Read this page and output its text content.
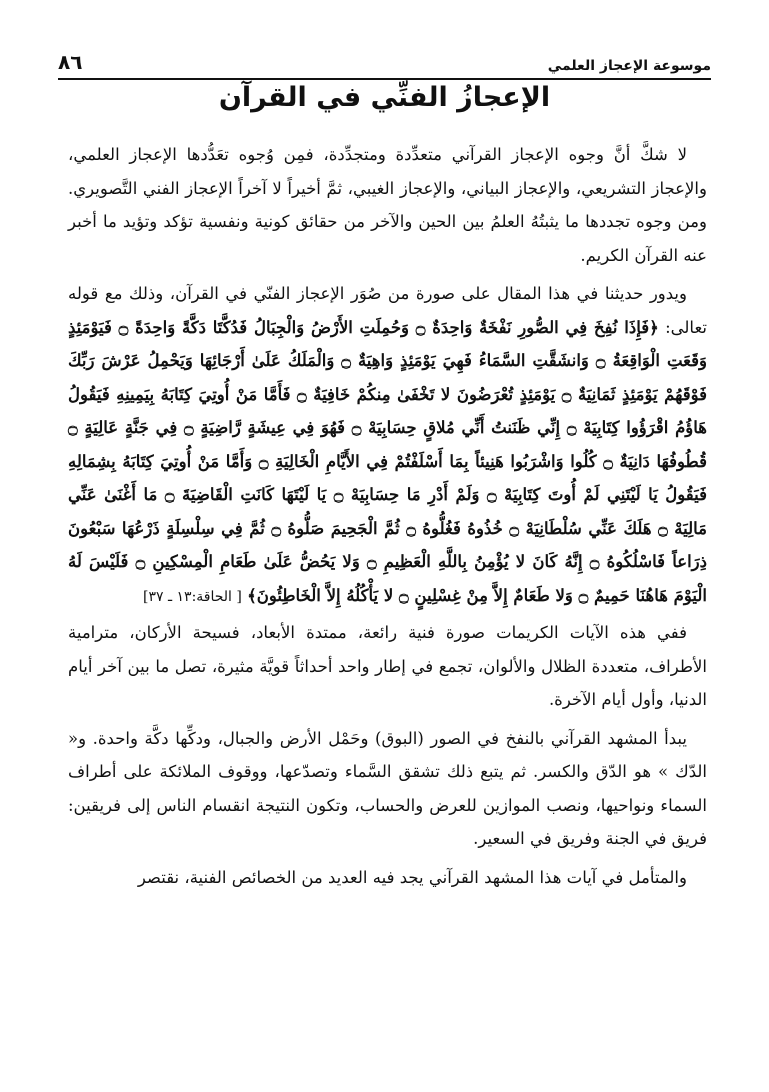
٨٦	موسوعة الإعجاز العلمي
الإعجازُ الفنِّي في القرآن

لا شكَّ أنَّ وجوه الإعجاز القرآني متعدِّدة ومتجدِّدة، فمِن وُجوه تعَدُّدها الإعجاز العلمي، والإعجاز التشريعي، والإعجاز البياني، والإعجاز الغيبي، ثمَّ أخيراً لا آخراً الإعجاز الفني التَّصويري. ومن وجوه تجددها ما يثبتُهُ العلمُ بين الحين والآخر من حقائق كونية ونفسية تؤكد وتؤيد ما أخبر عنه القرآن الكريم.

ويدور حديثنا في هذا المقال على صورة من صُوَر الإعجاز الفنّي في القرآن، وذلك مع قوله تعالى: ﴿فَإِذَا نُفِخَ فِي الصُّورِ نَفْخَةٌ وَاحِدَةٌ ۝ وَحُمِلَتِ الأَرْضُ وَالْجِبَالُ فَدُكَّتَا دَكَّةً وَاحِدَةً ۝ فَيَوْمَئِذٍ وَقَعَتِ الْوَاقِعَةُ ۝ وَانشَقَّتِ السَّمَاءُ فَهِيَ يَوْمَئِذٍ وَاهِيَةٌ ۝ وَالْمَلَكُ عَلَىٰ أَرْجَائِهَا وَيَحْمِلُ عَرْشَ رَبِّكَ فَوْقَهُمْ يَوْمَئِذٍ ثَمَانِيَةٌ ۝ يَوْمَئِذٍ تُعْرَضُونَ لا تَخْفَىٰ مِنكُمْ خَافِيَةٌ ۝ فَأَمَّا مَنْ أُوتِيَ كِتَابَهُ بِيَمِينِهِ فَيَقُولُ هَاؤُمُ اقْرَؤُوا كِتَابِيَهْ ۝ إِنِّي ظَنَنتُ أَنِّي مُلاقٍ حِسَابِيَهْ ۝ فَهُوَ فِي عِيشَةٍ رَّاضِيَةٍ ۝ فِي جَنَّةٍ عَالِيَةٍ ۝ قُطُوفُهَا دَانِيَةٌ ۝ كُلُوا وَاشْرَبُوا هَنِيئاً بِمَا أَسْلَفْتُمْ فِي الأَيَّامِ الْخَالِيَةِ ۝ وَأَمَّا مَنْ أُوتِيَ كِتَابَهُ بِشِمَالِهِ فَيَقُولُ يَا لَيْتَنِي لَمْ أُوتَ كِتَابِيَهْ ۝ وَلَمْ أَدْرِ مَا حِسَابِيَهْ ۝ يَا لَيْتَهَا كَانَتِ الْقَاضِيَةَ ۝ مَا أَغْنَىٰ عَنِّي مَالِيَهْ ۝ هَلَكَ عَنِّي سُلْطَانِيَهْ ۝ خُذُوهُ فَغُلُّوهُ ۝ ثُمَّ الْجَحِيمَ صَلُّوهُ ۝ ثُمَّ فِي سِلْسِلَةٍ ذَرْعُهَا سَبْعُونَ ذِرَاعاً فَاسْلُكُوهُ ۝ إِنَّهُ كَانَ لا يُؤْمِنُ بِاللَّهِ الْعَظِيمِ ۝ وَلا يَحُضُّ عَلَىٰ طَعَامِ الْمِسْكِينِ ۝ فَلَيْسَ لَهُ الْيَوْمَ هَاهُنَا حَمِيمٌ ۝ وَلا طَعَامٌ إِلاَّ مِنْ غِسْلِينٍ ۝ لا يَأْكُلُهُ إِلاَّ الْخَاطِئُونَ﴾ [ الحاقة:١٣ ـ ٣٧]

ففي هذه الآيات الكريمات صورة فنية رائعة، ممتدة الأبعاد، فسيحة الأركان، مترامية الأطراف، متعددة الظلال والألوان، تجمع في إطار واحد أحداثاً قويَّة مثيرة، تصل ما بين آخر أيام الدنيا، وأول أيام الآخرة.

يبدأ المشهد القرآني بالنفخ في الصور (البوق) وحَمْل الأرض والجبال، ودكِّها دكَّة واحدة. و« الدّك » هو الدّق والكسر. ثم يتبع ذلك تشقق السَّماء وتصدّعها، ووقوف الملائكة على أطراف السماء ونواحيها، ونصب الموازين للعرض والحساب، وتكون النتيجة انقسام الناس إلى فريقين: فريق في الجنة وفريق في السعير.

والمتأمل في آيات هذا المشهد القرآني يجد فيه العديد من الخصائص الفنية، نقتصر
